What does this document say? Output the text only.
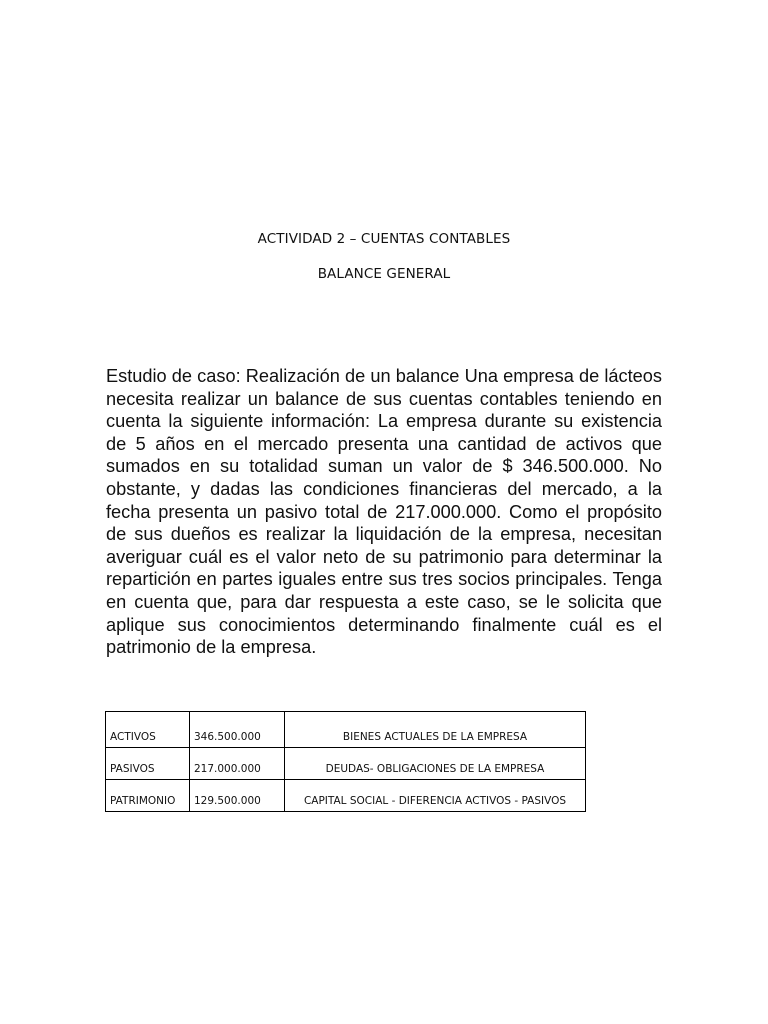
ACTIVIDAD 2 – CUENTAS CONTABLES
BALANCE GENERAL
Estudio de caso: Realización de un balance Una empresa de lácteos necesita realizar un balance de sus cuentas contables teniendo en cuenta la siguiente información: La empresa durante su existencia de 5 años en el mercado presenta una cantidad de activos que sumados en su totalidad suman un valor de $ 346.500.000. No obstante, y dadas las condiciones financieras del mercado, a la fecha presenta un pasivo total de 217.000.000. Como el propósito de sus dueños es realizar la liquidación de la empresa, necesitan averiguar cuál es el valor neto de su patrimonio para determinar la repartición en partes iguales entre sus tres socios principales. Tenga en cuenta que, para dar respuesta a este caso, se le solicita que aplique sus conocimientos determinando finalmente cuál es el patrimonio de la empresa.
ACTIVOS	346.500.000	BIENES ACTUALES DE LA EMPRESA
PASIVOS	217.000.000	DEUDAS- OBLIGACIONES DE LA EMPRESA
PATRIMONIO	129.500.000	CAPITAL SOCIAL - DIFERENCIA ACTIVOS - PASIVOS
